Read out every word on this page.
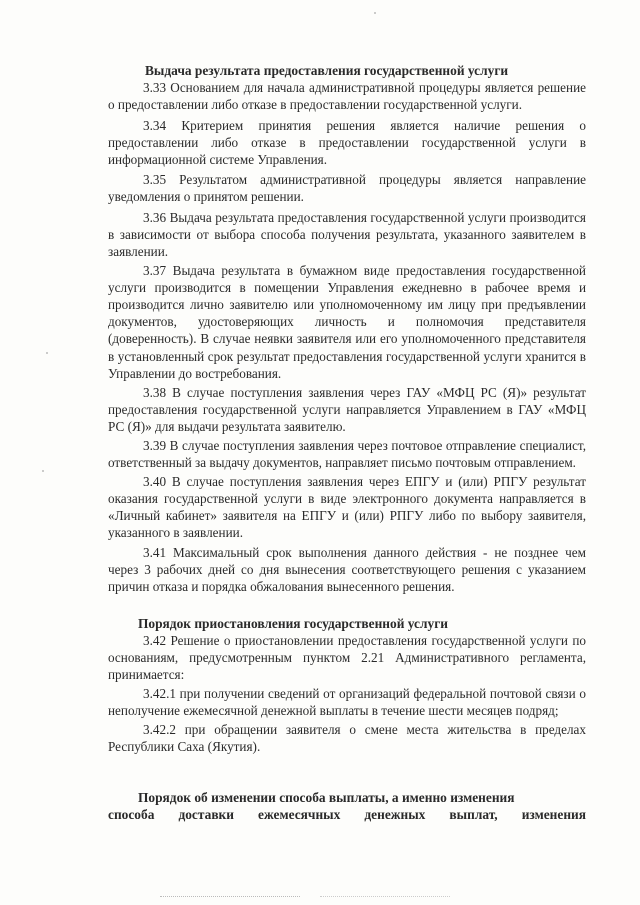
Выдача результата предоставления государственной услуги

3.33 Основанием для начала административной процедуры является решение о предоставлении либо отказе в предоставлении государственной услуги.

3.34 Критерием принятия решения является наличие решения о предоставлении либо отказе в предоставлении государственной услуги в информационной системе Управления.

3.35 Результатом административной процедуры является направление уведомления о принятом решении.

3.36 Выдача результата предоставления государственной услуги производится в зависимости от выбора способа получения результата, указанного заявителем в заявлении.

3.37 Выдача результата в бумажном виде предоставления государственной услуги производится в помещении Управления ежедневно в рабочее время и производится лично заявителю или уполномоченному им лицу при предъявлении документов, удостоверяющих личность и полномочия представителя (доверенность). В случае неявки заявителя или его уполномоченного представителя в установленный срок результат предоставления государственной услуги хранится в Управлении до востребования.

3.38 В случае поступления заявления через ГАУ «МФЦ РС (Я)» результат предоставления государственной услуги направляется Управлением в ГАУ «МФЦ РС (Я)» для выдачи результата заявителю.

3.39 В случае поступления заявления через почтовое отправление специалист, ответственный за выдачу документов, направляет письмо почтовым отправлением.

3.40 В случае поступления заявления через ЕПГУ и (или) РПГУ результат оказания государственной услуги в виде электронного документа направляется в «Личный кабинет» заявителя на ЕПГУ и (или) РПГУ либо по выбору заявителя, указанного в заявлении.

3.41 Максимальный срок выполнения данного действия - не позднее чем через 3 рабочих дней со дня вынесения соответствующего решения с указанием причин отказа и порядка обжалования вынесенного решения.

Порядок приостановления государственной услуги

3.42 Решение о приостановлении предоставления государственной услуги по основаниям, предусмотренным пунктом 2.21 Административного регламента, принимается:

3.42.1 при получении сведений от организаций федеральной почтовой связи о неполучение ежемесячной денежной выплаты в течение шести месяцев подряд;

3.42.2 при обращении заявителя о смене места жительства в пределах Республики Саха (Якутия).

Порядок об изменении способа выплаты, а именно изменения
способа доставки ежемесячных денежных выплат, изменения
